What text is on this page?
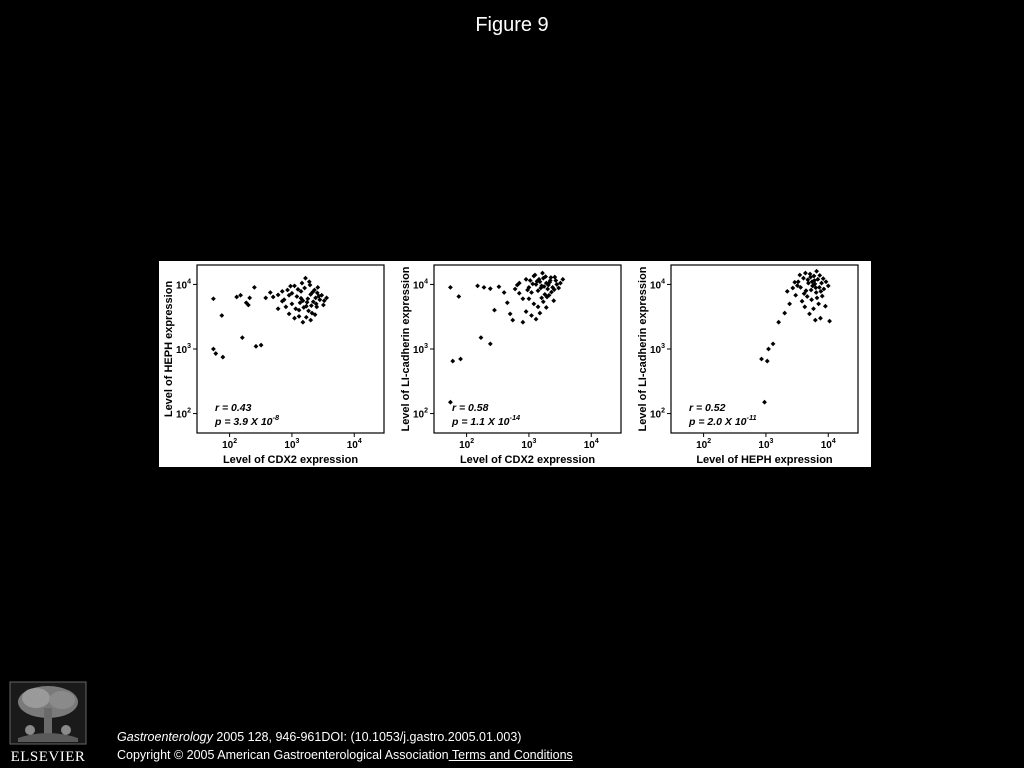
Figure 9
$10^2$	$10^3$	$10^4$
$10^2$
$10^3$
$10^4$
Level of CDX2 expression
Level of HEPH expression	r = 0.43
p = 3.9 X $10^{-8}$
$10^2$	$10^3$	$10^4$
$10^2$
$10^3$
$10^4$
Level of CDX2 expression
Level of LI-cadherin expression	r = 0.58
p = 1.1 X $10^{-14}$
$10^2$	$10^3$	$10^4$
$10^2$
$10^3$
$10^4$
Level of HEPH expression
Level of LI-cadherin expression	r = 0.52
p = 2.0 X $10^{-11}$
ELSEVIER
Gastroenterology 2005 128, 946-961DOI: (10.1053/j.gastro.2005.01.003)
Copyright © 2005 American Gastroenterological Association Terms and Conditions
